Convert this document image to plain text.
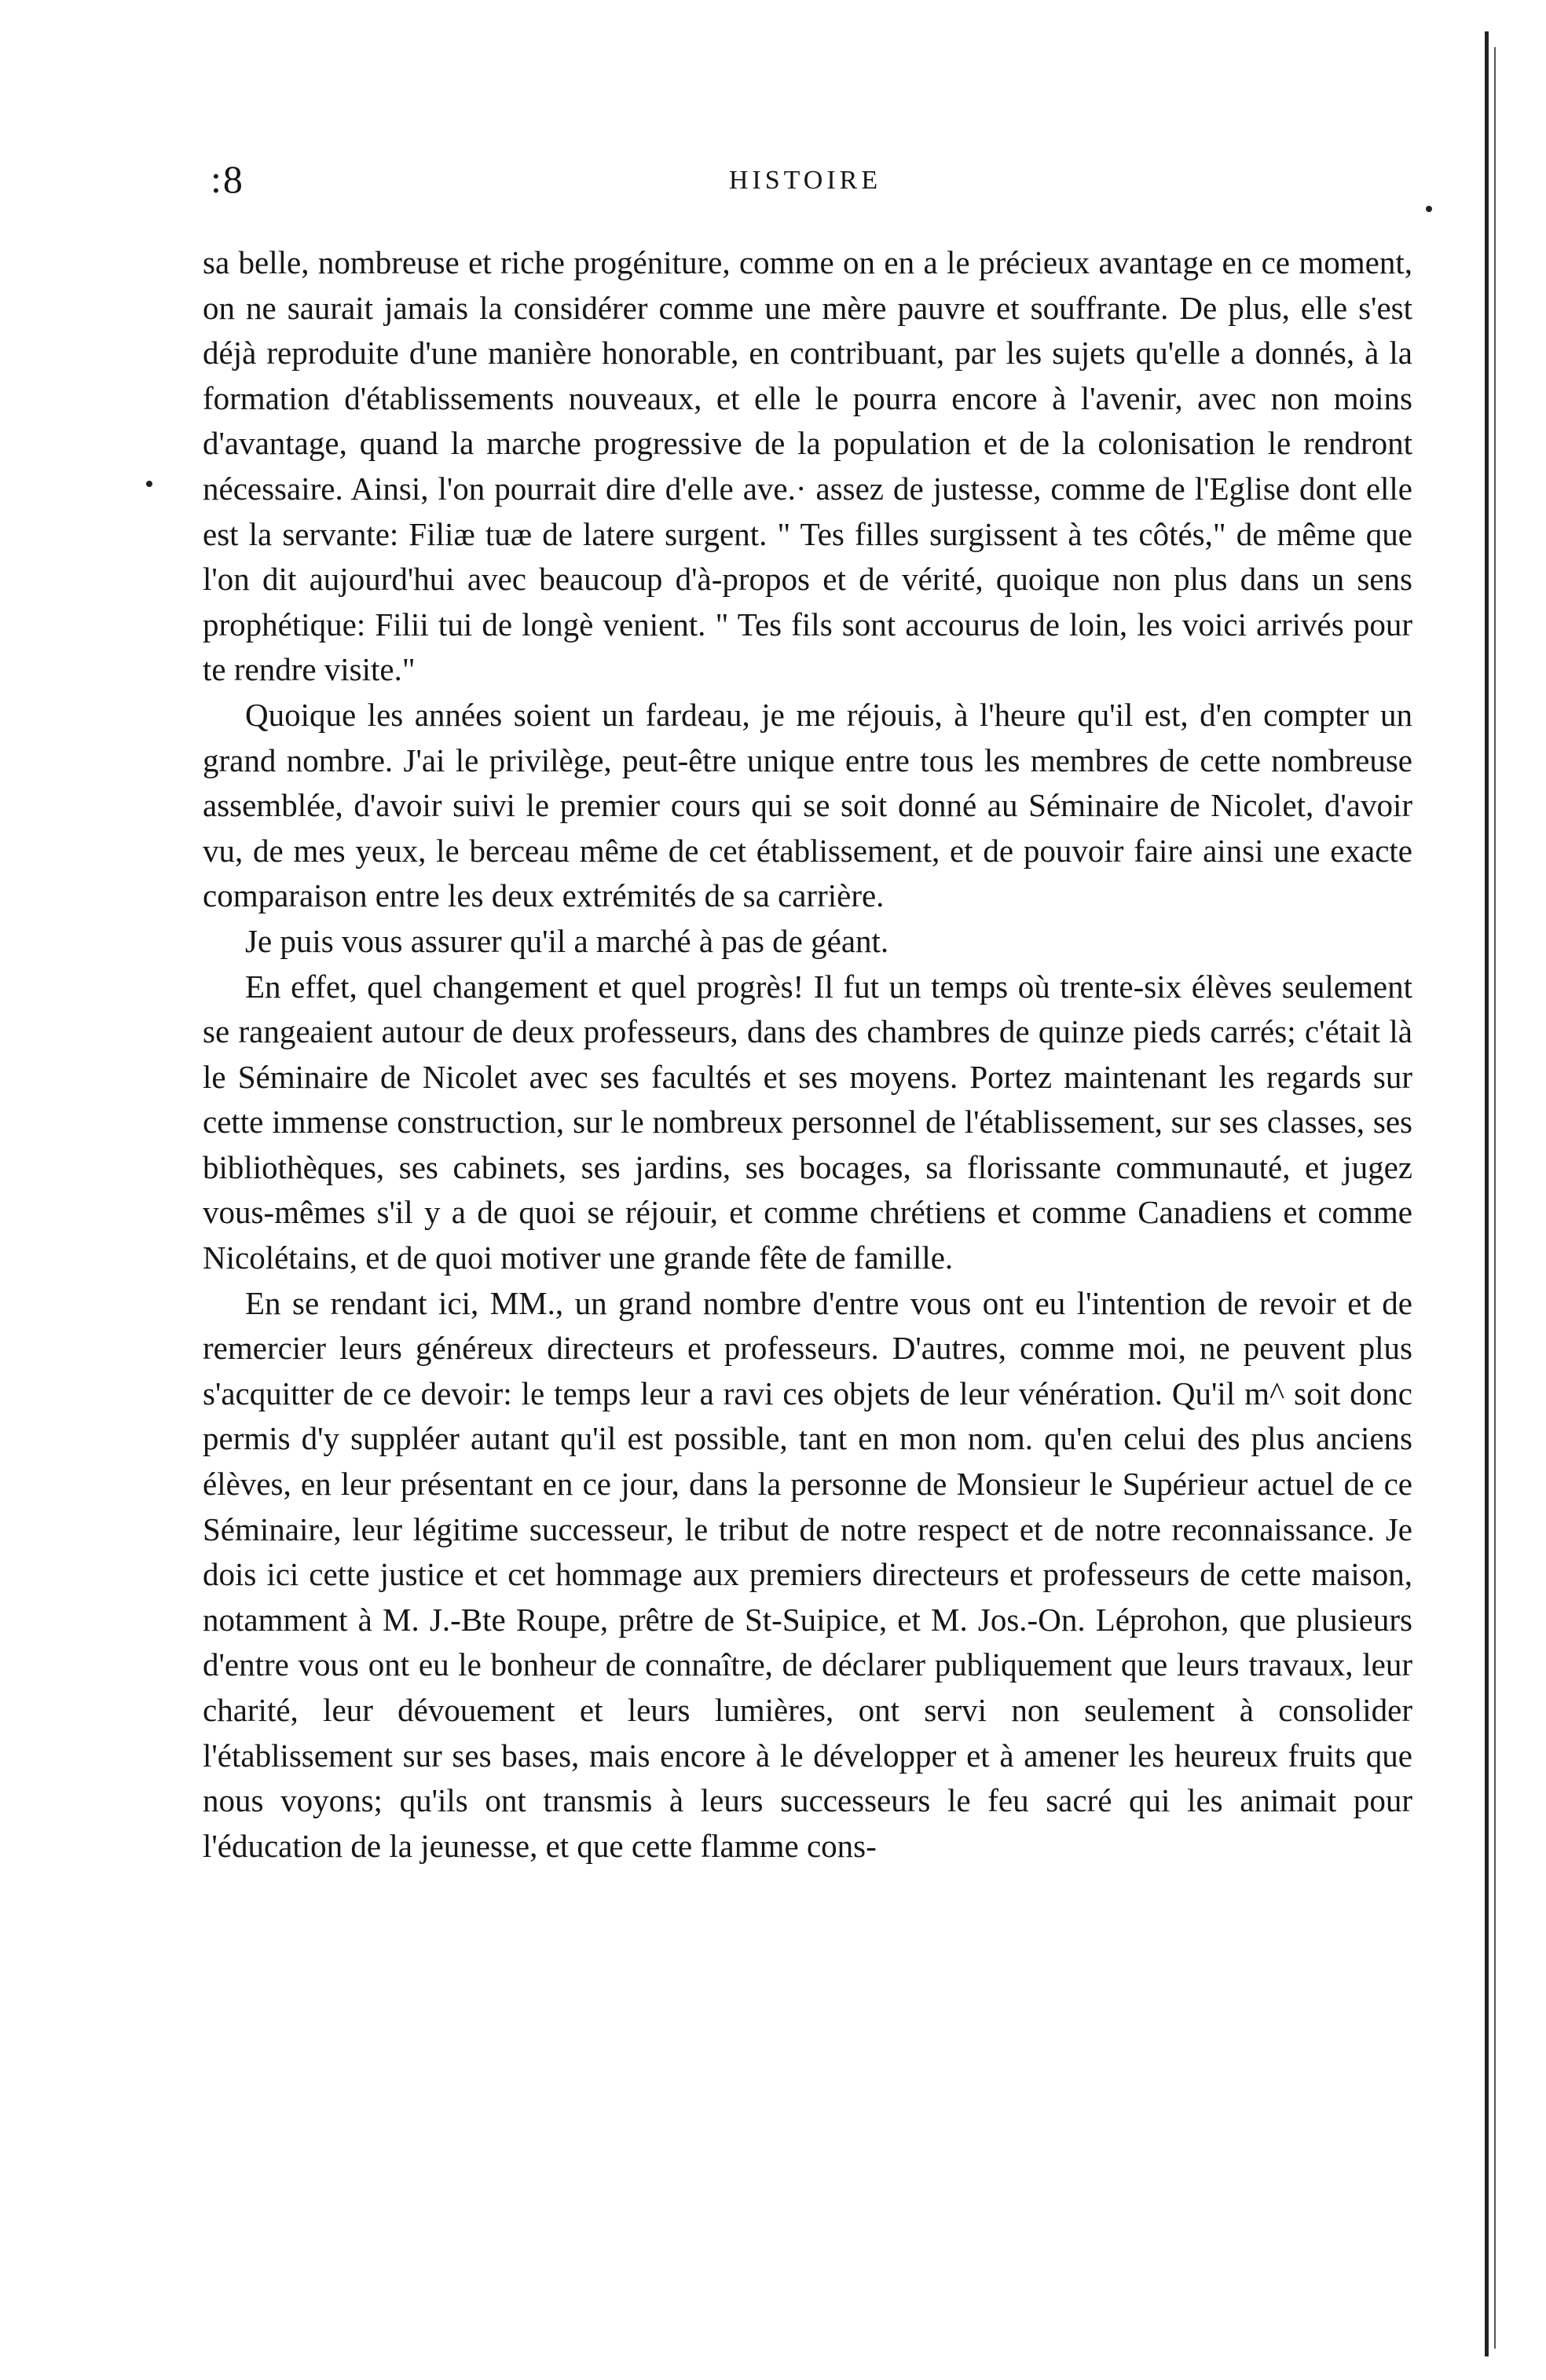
:8	HISTOIRE

sa belle, nombreuse et riche progéniture, comme on en a le précieux avantage en ce moment, on ne saurait jamais la considérer comme une mère pauvre et souffrante. De plus, elle s'est déjà reproduite d'une manière honorable, en contribuant, par les sujets qu'elle a donnés, à la formation d'établissements nouveaux, et elle le pourra encore à l'avenir, avec non moins d'avantage, quand la marche progressive de la population et de la colonisation le rendront nécessaire. Ainsi, l'on pourrait dire d'elle ave.· assez de justesse, comme de l'Eglise dont elle est la servante: Filiæ tuæ de latere surgent. " Tes filles surgissent à tes côtés," de même que l'on dit aujourd'hui avec beaucoup d'à-propos et de vérité, quoique non plus dans un sens prophétique: Filii tui de longè venient. " Tes fils sont accourus de loin, les voici arrivés pour te rendre visite."

Quoique les années soient un fardeau, je me réjouis, à l'heure qu'il est, d'en compter un grand nombre. J'ai le privilège, peut-être unique entre tous les membres de cette nombreuse assemblée, d'avoir suivi le premier cours qui se soit donné au Séminaire de Nicolet, d'avoir vu, de mes yeux, le berceau même de cet établissement, et de pouvoir faire ainsi une exacte comparaison entre les deux extrémités de sa carrière.

Je puis vous assurer qu'il a marché à pas de géant.

En effet, quel changement et quel progrès! Il fut un temps où trente-six élèves seulement se rangeaient autour de deux professeurs, dans des chambres de quinze pieds carrés; c'était là le Séminaire de Nicolet avec ses facultés et ses moyens. Portez maintenant les regards sur cette immense construction, sur le nombreux personnel de l'établissement, sur ses classes, ses bibliothèques, ses cabinets, ses jardins, ses bocages, sa florissante communauté, et jugez vous-mêmes s'il y a de quoi se réjouir, et comme chrétiens et comme Canadiens et comme Nicolétains, et de quoi motiver une grande fête de famille.

En se rendant ici, MM., un grand nombre d'entre vous ont eu l'intention de revoir et de remercier leurs généreux directeurs et professeurs. D'autres, comme moi, ne peuvent plus s'acquitter de ce devoir: le temps leur a ravi ces objets de leur vénération. Qu'il m^ soit donc permis d'y suppléer autant qu'il est possible, tant en mon nom. qu'en celui des plus anciens élèves, en leur présentant en ce jour, dans la personne de Monsieur le Supérieur actuel de ce Séminaire, leur légitime successeur, le tribut de notre respect et de notre reconnaissance. Je dois ici cette justice et cet hommage aux premiers directeurs et professeurs de cette maison, notamment à M. J.-Bte Roupe, prêtre de St-Suipice, et M. Jos.-On. Léprohon, que plusieurs d'entre vous ont eu le bonheur de connaître, de déclarer publiquement que leurs travaux, leur charité, leur dévouement et leurs lumières, ont servi non seulement à consolider l'établissement sur ses bases, mais encore à le développer et à amener les heureux fruits que nous voyons; qu'ils ont transmis à leurs successeurs le feu sacré qui les animait pour l'éducation de la jeunesse, et que cette flamme cons-
